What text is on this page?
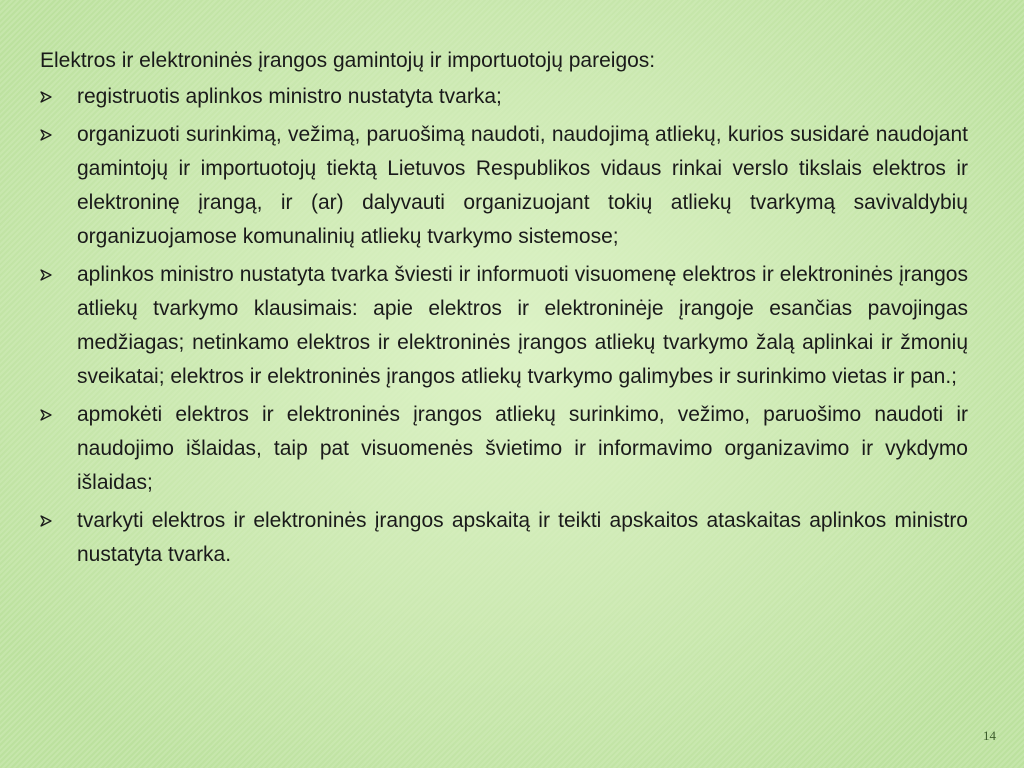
Elektros ir elektroninės įrangos gamintojų ir importuotojų pareigos:
registruotis aplinkos ministro nustatyta tvarka;
organizuoti surinkimą, vežimą, paruošimą naudoti, naudojimą atliekų, kurios susidarė naudojant gamintojų ir importuotojų tiektą Lietuvos Respublikos vidaus rinkai verslo tikslais elektros ir elektroninę įrangą, ir (ar) dalyvauti organizuojant tokių atliekų tvarkymą savivaldybių organizuojamose komunalinių atliekų tvarkymo sistemose;
aplinkos ministro nustatyta tvarka šviesti ir informuoti visuomenę elektros ir elektroninės įrangos atliekų tvarkymo klausimais: apie elektros ir elektroninėje įrangoje esančias pavojingas medžiagas; netinkamo elektros ir elektroninės įrangos atliekų tvarkymo žalą aplinkai ir žmonių sveikatai; elektros ir elektroninės įrangos atliekų tvarkymo galimybes ir surinkimo vietas ir pan.;
apmokėti elektros ir elektroninės įrangos atliekų surinkimo, vežimo, paruošimo naudoti ir naudojimo išlaidas, taip pat visuomenės švietimo ir informavimo organizavimo ir vykdymo išlaidas;
tvarkyti elektros ir elektroninės įrangos apskaitą ir teikti apskaitos ataskaitas aplinkos ministro nustatyta tvarka.
14
